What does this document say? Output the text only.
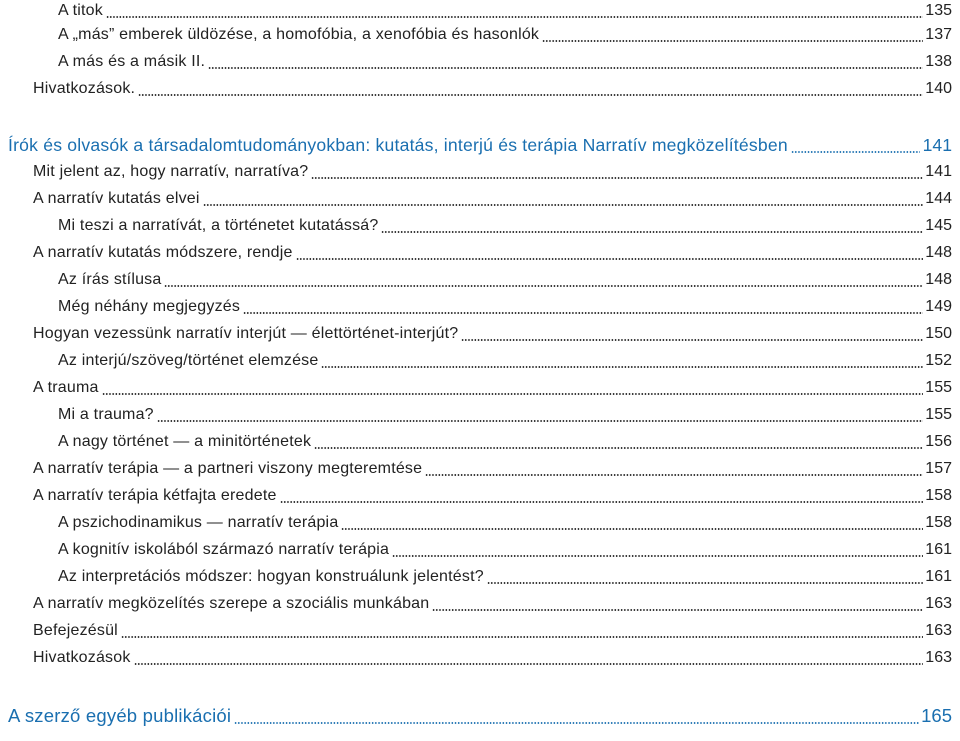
A titok	135
A „más” emberek üldözése, a homofóbia, a xenofóbia és hasonlók	137
A más és a másik II.	138
Hivatkozások.	140
Írók és olvasók a társadalomtudományokban: kutatás, interjú és terápia Narratív megközelítésben	141
Mit jelent az, hogy narratív, narratíva?	141
A narratív kutatás elvei	144
Mi teszi a narratívát, a történetet kutatássá?	145
A narratív kutatás módszere, rendje	148
Az írás stílusa	148
Még néhány megjegyzés	149
Hogyan vezessünk narratív interjút — élettörténet-interjút?	150
Az interjú/szöveg/történet elemzése	152
A trauma	155
Mi a trauma?	155
A nagy történet — a minitörténetek	156
A narratív terápia — a partneri viszony megteremtése	157
A narratív terápia kétfajta eredete	158
A pszichodinamikus — narratív terápia	158
A kognitív iskolából származó narratív terápia	161
Az interpretációs módszer: hogyan konstruálunk jelentést?	161
A narratív megközelítés szerepe a szociális munkában	163
Befejezésül	163
Hivatkozások	163
A szerző egyéb publikációi	165
